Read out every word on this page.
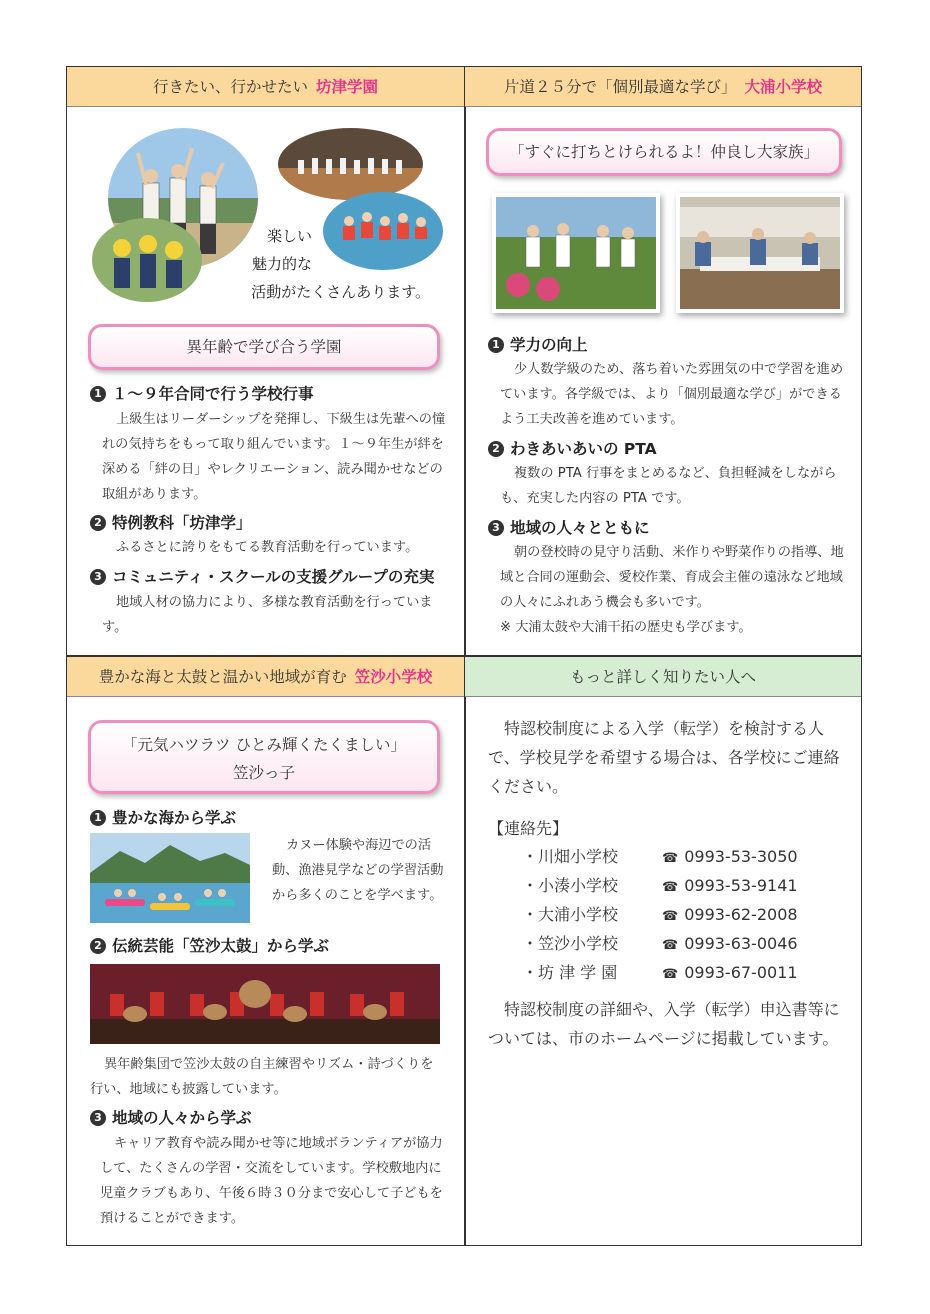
行きたい、行かせたい 坊津学園
楽しい
魅力的な
活動がたくさんあります。
異年齢で学び合う学園
1 １～９年合同で行う学校行事
上級生はリーダーシップを発揮し、下級生は先輩への憧れの気持ちをもって取り組んでいます。１～９年生が絆を深める「絆の日」やレクリエーション、読み聞かせなどの取組があります。
2 特例教科「坊津学」
ふるさとに誇りをもてる教育活動を行っています。
3 コミュニティ・スクールの支援グループの充実
地域人材の協力により、多様な教育活動を行っています。
片道２５分で「個別最適な学び」 大浦小学校
「すぐに打ちとけられるよ！仲良し大家族」
1 学力の向上
少人数学級のため、落ち着いた雰囲気の中で学習を進めています。各学級では、より「個別最適な学び」ができるよう工夫改善を進めています。
2 わきあいあいの PTA
複数の PTA 行事をまとめるなど、負担軽減をしながらも、充実した内容の PTA です。
3 地域の人々とともに
朝の登校時の見守り活動、米作りや野菜作りの指導、地域と合同の運動会、愛校作業、育成会主催の遠泳など地域の人々にふれあう機会も多いです。
※ 大浦太鼓や大浦干拓の歴史も学びます。
豊かな海と太鼓と温かい地域が育む 笠沙小学校
「元気ハツラツ ひとみ輝くたくましい」
笠沙っ子
1 豊かな海から学ぶ
カヌー体験や海辺での活動、漁港見学などの学習活動から多くのことを学べます。
2 伝統芸能「笠沙太鼓」から学ぶ
異年齢集団で笠沙太鼓の自主練習やリズム・詩づくりを行い、地域にも披露しています。
3 地域の人々から学ぶ
キャリア教育や読み聞かせ等に地域ボランティアが協力して、たくさんの学習・交流をしています。学校敷地内に児童クラブもあり、午後６時３０分まで安心して子どもを預けることができます。
もっと詳しく知りたい人へ
特認校制度による入学（転学）を検討する人で、学校見学を希望する場合は、各学校にご連絡ください。
【連絡先】
・川畑小学校	☎ 0993-53-3050
・小湊小学校	☎ 0993-53-9141
・大浦小学校	☎ 0993-62-2008
・笠沙小学校	☎ 0993-63-0046
・坊 津 学 園	☎ 0993-67-0011
特認校制度の詳細や、入学（転学）申込書等については、市のホームページに掲載しています。
